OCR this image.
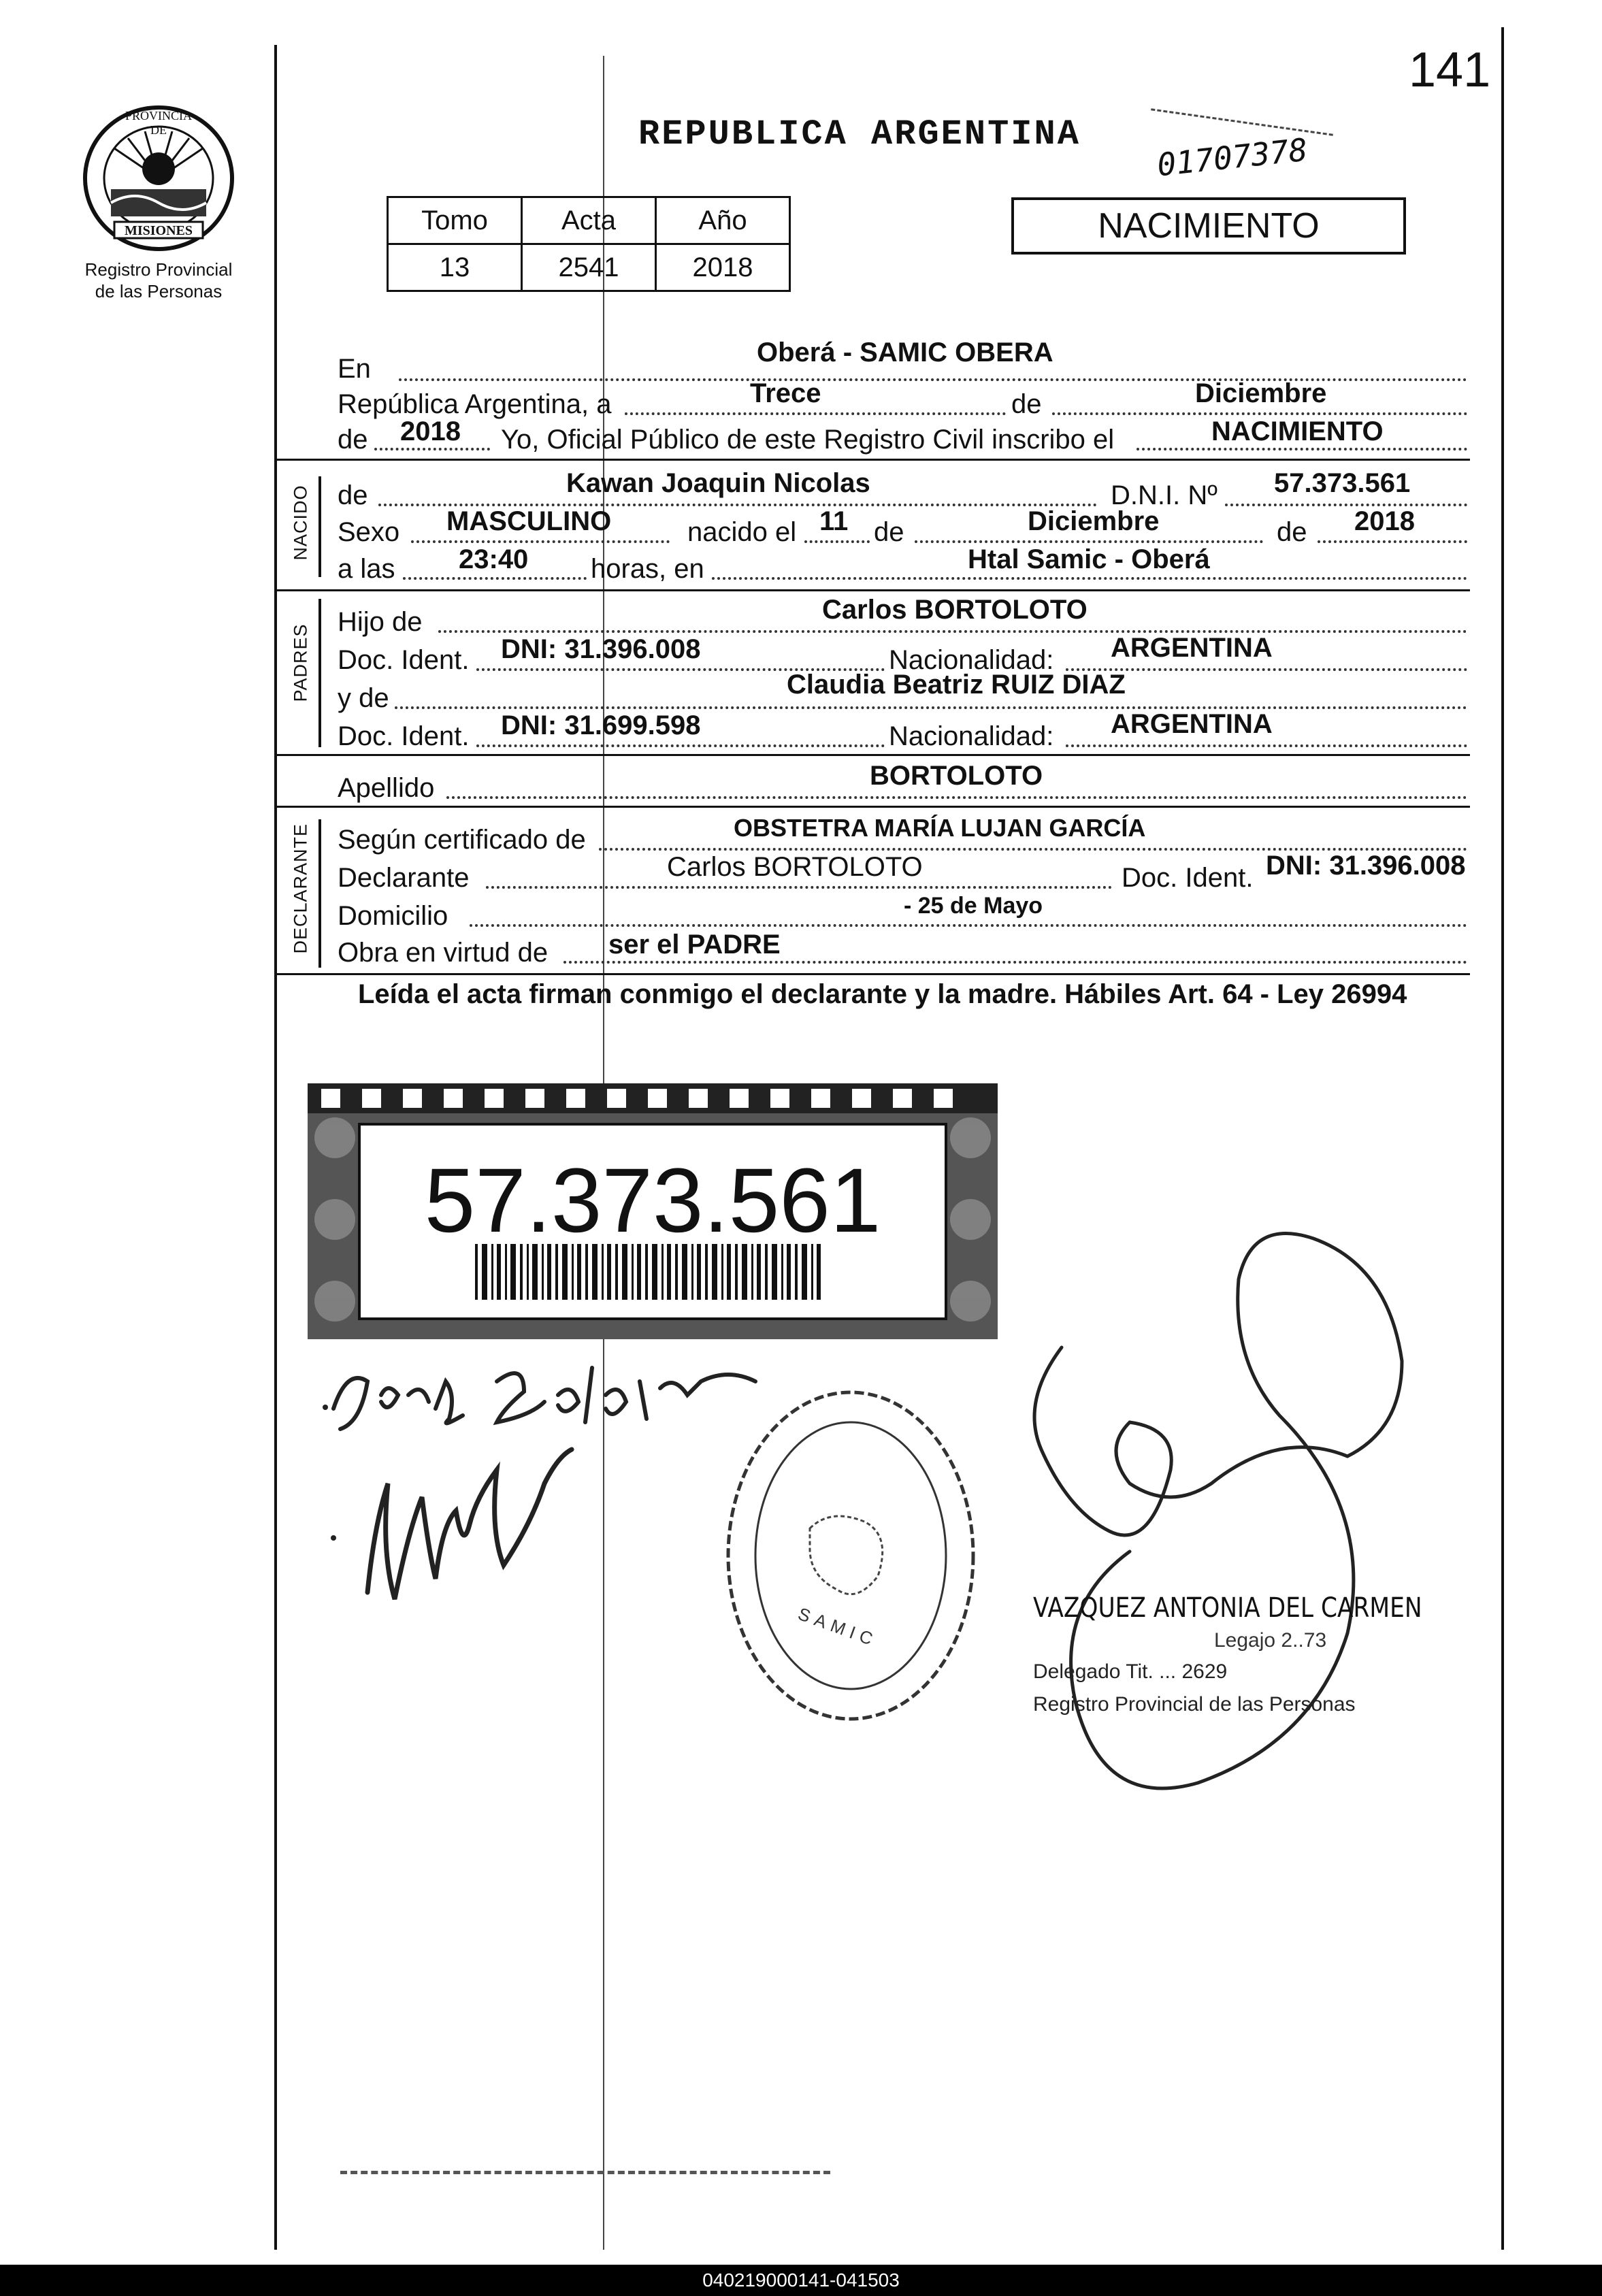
141
PROVINCIA DE
MISIONES
Registro Provincial
de las Personas
REPUBLICA ARGENTINA 01707378
Tomo	Acta	Año
13	2541	2018
NACIMIENTO
En
Oberá - SAMIC OBERA
República Argentina, a	Trece	de	Diciembre
de 2018 Yo, Oficial Público de este Registro Civil inscribo el	NACIMIENTO
NACIDO de	Kawan Joaquin Nicolas	D.N.I. Nº 57.373.561
Sexo MASCULINO	nacido el 11 de	Diciembre	de 2018
a las 23:40 horas, en	Htal Samic - Oberá
PADRES
Hijo de	Carlos BORTOLOTO
Doc. Ident. DNI: 31.396.008	Nacionalidad: ARGENTINA
y de	Claudia Beatriz RUIZ DIAZ
Doc. Ident. DNI: 31.699.598	Nacionalidad: ARGENTINA
Apellido	BORTOLOTO
DECLARANTE Según certificado de	OBSTETRA MARÍA LUJAN GARCÍA
Declarante	Carlos BORTOLOTO	Doc. Ident. DNI: 31.396.008
Domicilio	- 25 de Mayo
Obra en virtud de ser el PADRE
Leída el acta firman conmigo el declarante y la madre. Hábiles Art. 64 - Ley 26994
57.373.561
SAMIC	VAZQUEZ ANTONIA DEL CARMEN
Legajo 2..73
Delegado Tit. ... 2629
Registro Provincial de las Personas
040219000141-041503
